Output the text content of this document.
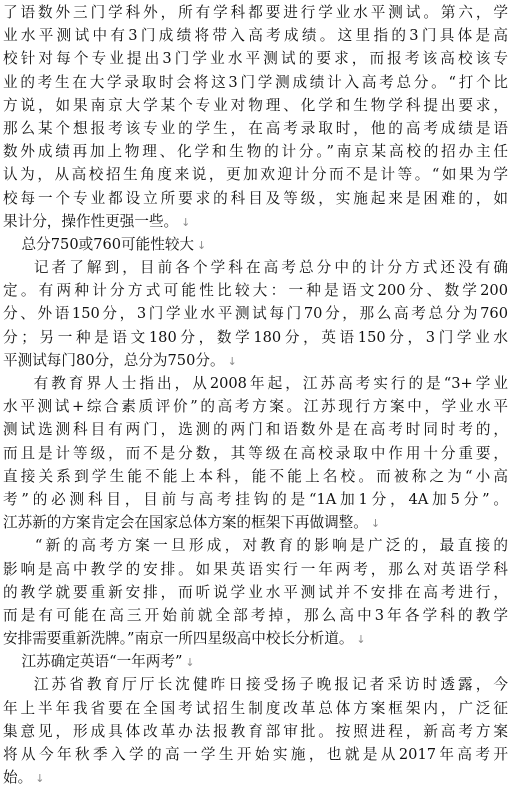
了语数外三门学科外，所有学科都要进行学业水平测试。第六，学
业水平测试中有3门成绩将带入高考成绩。这里指的3门具体是高
校针对每个专业提出3门学业水平测试的要求，而报考该高校该专
业的考生在大学录取时会将这3门学测成绩计入高考总分。“打个比
方说，如果南京大学某个专业对物理、化学和生物学科提出要求，
那么某个想报考该专业的学生，在高考录取时，他的高考成绩是语
数外成绩再加上物理、化学和生物的计分。”南京某高校的招办主任
认为，从高校招生角度来说，更加欢迎计分而不是计等。“如果为学
校每一个专业都设立所要求的科目及等级，实施起来是困难的，如
果计分，操作性更强一些。 ↓
总分750或760可能性较大 ↓
记者了解到，目前各个学科在高考总分中的计分方式还没有确
定。有两种计分方式可能性比较大：一种是语文200分、数学200
分、外语150分，3门学业水平测试每门70分，那么高考总分为760
分；另一种是语文180分，数学180分，英语150分，3门学业水
平测试每门80分，总分为750分。 ↓
有教育界人士指出，从2008年起，江苏高考实行的是“3+学业
水平测试+综合素质评价”的高考方案。江苏现行方案中，学业水平
测试选测科目有两门，选测的两门和语数外是在高考时同时考的，
而且是计等级，而不是分数，其等级在高校录取中作用十分重要，
直接关系到学生能不能上本科，能不能上名校。而被称之为“小高
考”的必测科目，目前与高考挂钩的是“1A加1分，4A加5分”。
江苏新的方案肯定会在国家总体方案的框架下再做调整。 ↓
“新的高考方案一旦形成，对教育的影响是广泛的，最直接的
影响是高中教学的安排。如果英语实行一年两考，那么对英语学科
的教学就要重新安排，而听说学业水平测试并不安排在高考进行，
而是有可能在高三开始前就全部考掉，那么高中3年各学科的教学
安排需要重新洗牌。”南京一所四星级高中校长分析道。 ↓
江苏确定英语“一年两考” ↓
江苏省教育厅厅长沈健昨日接受扬子晚报记者采访时透露，今
年上半年我省要在全国考试招生制度改革总体方案框架内，广泛征
集意见，形成具体改革办法报教育部审批。按照进程，新高考方案
将从今年秋季入学的高一学生开始实施，也就是从2017年高考开
始。 ↓
